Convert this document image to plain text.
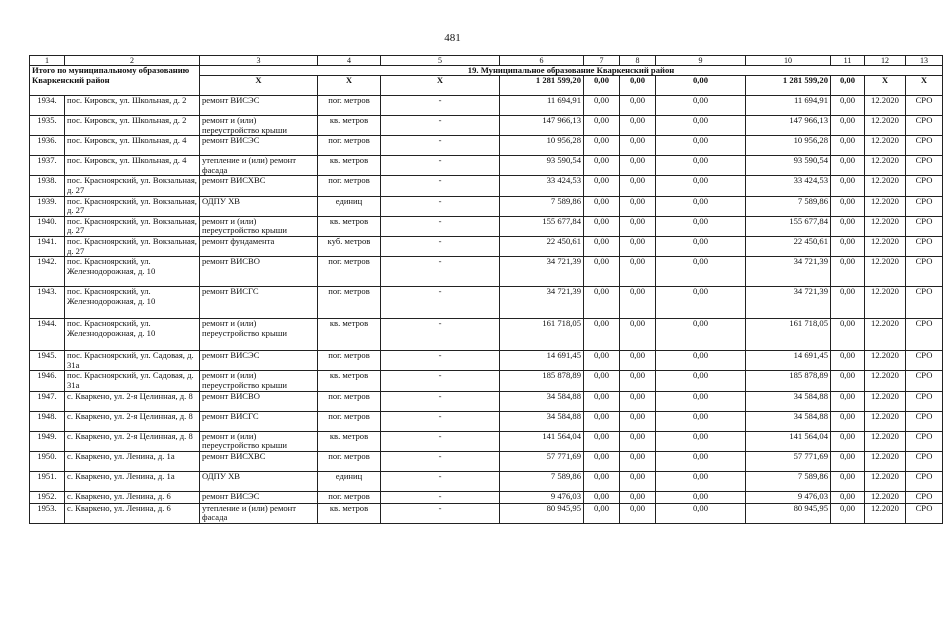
481
1	2	3	4	5	6	7	8	9	10	11	12	13
Итого по муниципальному образованию Кваркенский район		19. Муниципальное образование Кваркенский район										
		X	X	X	1 281 599,20	0,00	0,00	0,00	1 281 599,20	0,00	X	X
1934.	пос. Кировск, ул. Школьная, д. 2	ремонт ВИСЭС	пог. метров	-	11 694,91	0,00	0,00	0,00	11 694,91	0,00	12.2020	СРО
1935.	пос. Кировск, ул. Школьная, д. 2	ремонт и (или) переустройство крыши	кв. метров	-	147 966,13	0,00	0,00	0,00	147 966,13	0,00	12.2020	СРО
1936.	пос. Кировск, ул. Школьная, д. 4	ремонт ВИСЭС	пог. метров	-	10 956,28	0,00	0,00	0,00	10 956,28	0,00	12.2020	СРО
1937.	пос. Кировск, ул. Школьная, д. 4	утепление и (или) ремонт фасада	кв. метров	-	93 590,54	0,00	0,00	0,00	93 590,54	0,00	12.2020	СРО
1938.	пос. Красноярский, ул. Вокзальная, д. 27	ремонт ВИСХВС	пог. метров	-	33 424,53	0,00	0,00	0,00	33 424,53	0,00	12.2020	СРО
1939.	пос. Красноярский, ул. Вокзальная, д. 27	ОДПУ ХВ	единиц	-	7 589,86	0,00	0,00	0,00	7 589,86	0,00	12.2020	СРО
1940.	пос. Красноярский, ул. Вокзальная, д. 27	ремонт и (или) переустройство крыши	кв. метров	-	155 677,84	0,00	0,00	0,00	155 677,84	0,00	12.2020	СРО
1941.	пос. Красноярский, ул. Вокзальная, д. 27	ремонт фундамента	куб. метров	-	22 450,61	0,00	0,00	0,00	22 450,61	0,00	12.2020	СРО
1942.	пос. Красноярский, ул. Железнодорожная, д. 10	ремонт ВИСВО	пог. метров	-	34 721,39	0,00	0,00	0,00	34 721,39	0,00	12.2020	СРО
1943.	пос. Красноярский, ул. Железнодорожная, д. 10	ремонт ВИСГС	пог. метров	-	34 721,39	0,00	0,00	0,00	34 721,39	0,00	12.2020	СРО
1944.	пос. Красноярский, ул. Железнодорожная, д. 10	ремонт и (или) переустройство крыши	кв. метров	-	161 718,05	0,00	0,00	0,00	161 718,05	0,00	12.2020	СРО
1945.	пос. Красноярский, ул. Садовая, д. 31а	ремонт ВИСЭС	пог. метров	-	14 691,45	0,00	0,00	0,00	14 691,45	0,00	12.2020	СРО
1946.	пос. Красноярский, ул. Садовая, д. 31а	ремонт и (или) переустройство крыши	кв. метров	-	185 878,89	0,00	0,00	0,00	185 878,89	0,00	12.2020	СРО
1947.	с. Кваркено, ул. 2-я Целинная, д. 8	ремонт ВИСВО	пог. метров	-	34 584,88	0,00	0,00	0,00	34 584,88	0,00	12.2020	СРО
1948.	с. Кваркено, ул. 2-я Целинная, д. 8	ремонт ВИСГС	пог. метров	-	34 584,88	0,00	0,00	0,00	34 584,88	0,00	12.2020	СРО
1949.	с. Кваркено, ул. 2-я Целинная, д. 8	ремонт и (или) переустройство крыши	кв. метров	-	141 564,04	0,00	0,00	0,00	141 564,04	0,00	12.2020	СРО
1950.	с. Кваркено, ул. Ленина, д. 1а	ремонт ВИСХВС	пог. метров	-	57 771,69	0,00	0,00	0,00	57 771,69	0,00	12.2020	СРО
1951.	с. Кваркено, ул. Ленина, д. 1а	ОДПУ ХВ	единиц	-	7 589,86	0,00	0,00	0,00	7 589,86	0,00	12.2020	СРО
1952.	с. Кваркено, ул. Ленина, д. 6	ремонт ВИСЭС	пог. метров	-	9 476,03	0,00	0,00	0,00	9 476,03	0,00	12.2020	СРО
1953.	с. Кваркено, ул. Ленина, д. 6	утепление и (или) ремонт фасада	кв. метров	-	80 945,95	0,00	0,00	0,00	80 945,95	0,00	12.2020	СРО
